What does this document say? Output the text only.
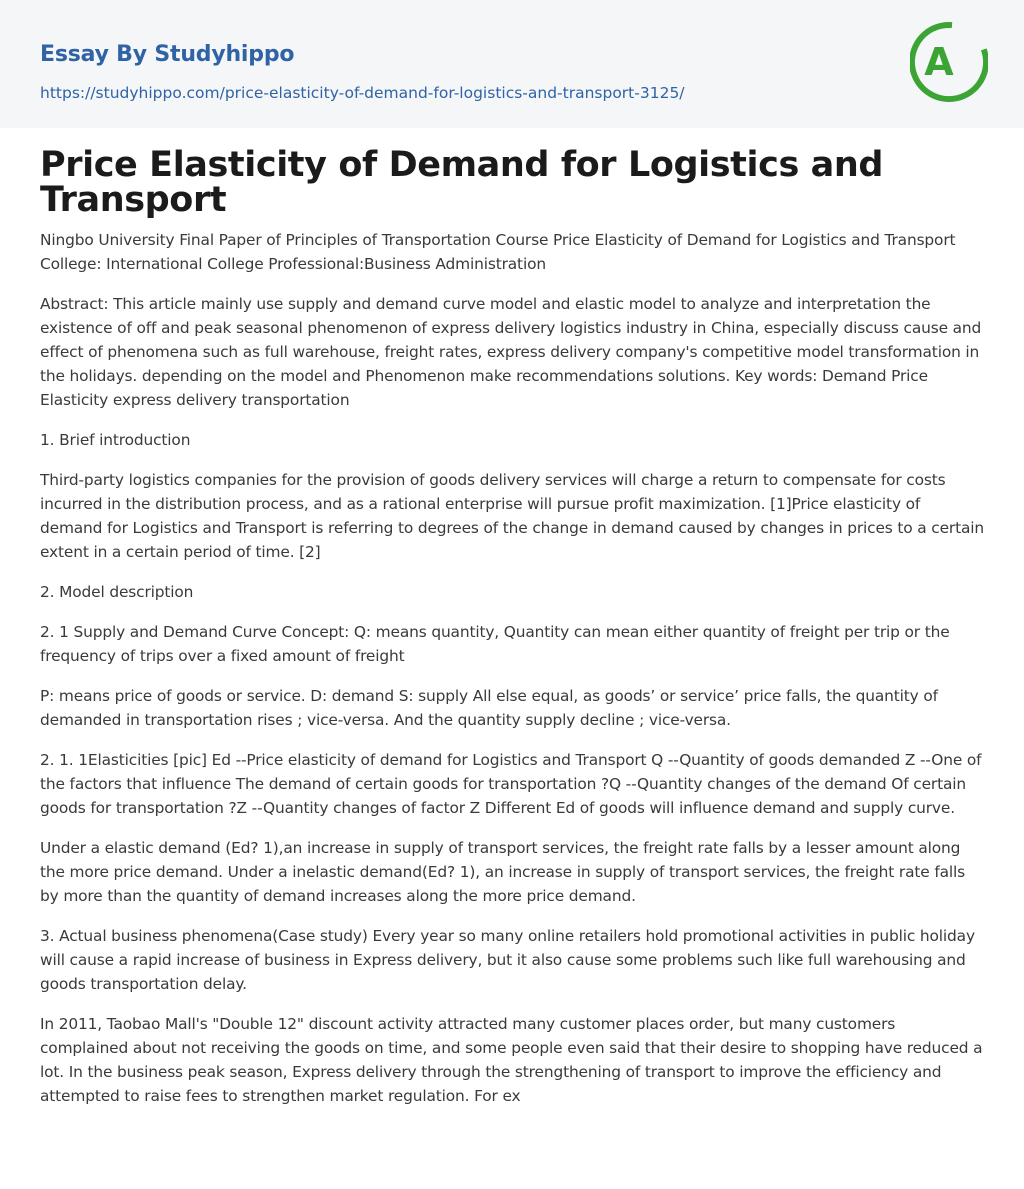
Essay By Studyhippo
https://studyhippo.com/price-elasticity-of-demand-for-logistics-and-transport-3125/
A
Price Elasticity of Demand for Logistics and Transport

Ningbo University Final Paper of Principles of Transportation Course Price Elasticity of Demand for Logistics and Transport College: International College Professional:Business Administration

Abstract: This article mainly use supply and demand curve model and elastic model to analyze and interpretation the existence of off and peak seasonal phenomenon of express delivery logistics industry in China, especially discuss cause and effect of phenomena such as full warehouse, freight rates, express delivery company's competitive model transformation in the holidays. depending on the model and Phenomenon make recommendations solutions. Key words: Demand Price Elasticity express delivery transportation

1. Brief introduction

Third-party logistics companies for the provision of goods delivery services will charge a return to compensate for costs incurred in the distribution process, and as a rational enterprise will pursue profit maximization. [1]Price elasticity of demand for Logistics and Transport is referring to degrees of the change in demand caused by changes in prices to a certain extent in a certain period of time. [2]

2. Model description

2. 1 Supply and Demand Curve Concept: Q: means quantity, Quantity can mean either quantity of freight per trip or the frequency of trips over a fixed amount of freight

P: means price of goods or service. D: demand S: supply All else equal, as goods’ or service’ price falls, the quantity of demanded in transportation rises ; vice-versa. And the quantity supply decline ; vice-versa.

2. 1. 1Elasticities [pic] Ed --Price elasticity of demand for Logistics and Transport Q --Quantity of goods demanded Z --One of the factors that influence The demand of certain goods for transportation ?Q --Quantity changes of the demand Of certain goods for transportation ?Z --Quantity changes of factor Z Different Ed of goods will influence demand and supply curve.

Under a elastic demand (Ed? 1),an increase in supply of transport services, the freight rate falls by a lesser amount along the more price demand. Under a inelastic demand(Ed? 1), an increase in supply of transport services, the freight rate falls by more than the quantity of demand increases along the more price demand.

3. Actual business phenomena(Case study) Every year so many online retailers hold promotional activities in public holiday will cause a rapid increase of business in Express delivery, but it also cause some problems such like full warehousing and goods transportation delay.

In 2011, Taobao Mall's "Double 12" discount activity attracted many customer places order, but many customers complained about not receiving the goods on time, and some people even said that their desire to shopping have reduced a lot. In the business peak season, Express delivery through the strengthening of transport to improve the efficiency and attempted to raise fees to strengthen market regulation. For ex
